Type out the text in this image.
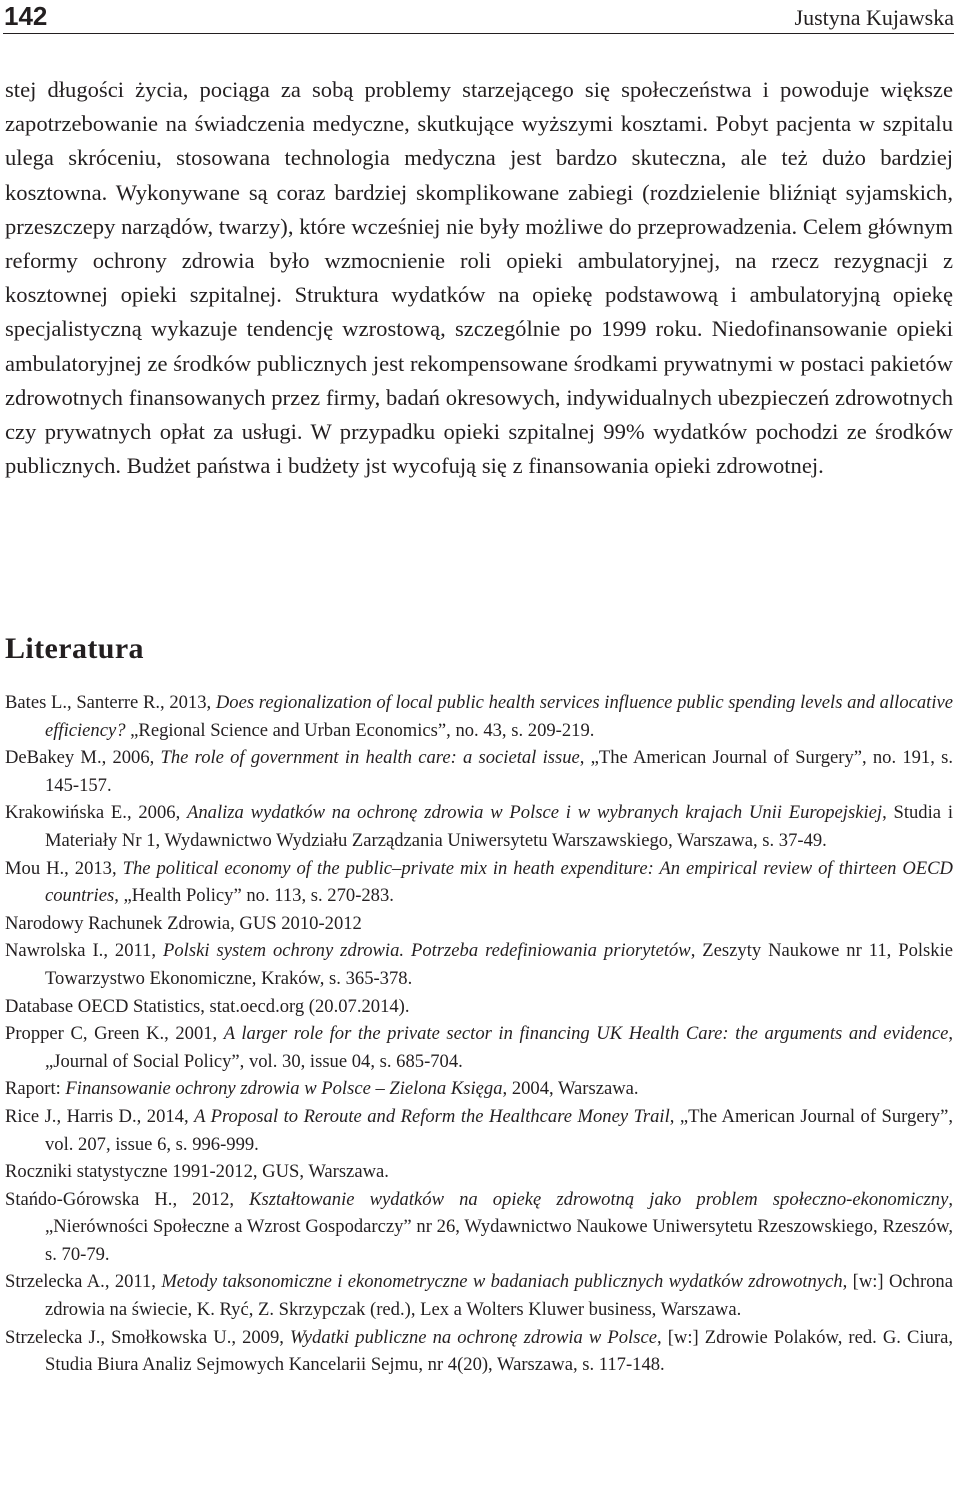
142	Justyna Kujawska

stej długości życia, pociąga za sobą problemy starzejącego się społeczeństwa i powoduje większe zapotrzebowanie na świadczenia medyczne, skutkujące wyższymi kosztami. Pobyt pacjenta w szpitalu ulega skróceniu, stosowana technologia medyczna jest bardzo skuteczna, ale też dużo bardziej kosztowna. Wykonywane są coraz bardziej skomplikowane zabiegi (rozdzielenie bliźniąt syjamskich, przeszczepy narządów, twarzy), które wcześniej nie były możliwe do przeprowadzenia. Celem głównym reformy ochrony zdrowia było wzmocnienie roli opieki ambulatoryjnej, na rzecz rezygnacji z kosztownej opieki szpitalnej. Struktura wydatków na opiekę podstawową i ambulatoryjną opiekę specjalistyczną wykazuje tendencję wzrostową, szczególnie po 1999 roku. Niedofinansowanie opieki ambulatoryjnej ze środków publicznych jest rekompensowane środkami prywatnymi w postaci pakietów zdrowotnych finansowanych przez firmy, badań okresowych, indywidualnych ubezpieczeń zdrowotnych czy prywatnych opłat za usługi. W przypadku opieki szpitalnej 99% wydatków pochodzi ze środków publicznych. Budżet państwa i budżety jst wycofują się z finansowania opieki zdrowotnej.

Literatura
Bates L., Santerre R., 2013, Does regionalization of local public health services influence public spending levels and allocative efficiency? „Regional Science and Urban Economics”, no. 43, s. 209-219.
DeBakey M., 2006, The role of government in health care: a societal issue, „The American Journal of Surgery”, no. 191, s. 145-157.
Krakowińska E., 2006, Analiza wydatków na ochronę zdrowia w Polsce i w wybranych krajach Unii Europejskiej, Studia i Materiały Nr 1, Wydawnictwo Wydziału Zarządzania Uniwersytetu Warszawskiego, Warszawa, s. 37-49.
Mou H., 2013, The political economy of the public–private mix in heath expenditure: An empirical review of thirteen OECD countries, „Health Policy” no. 113, s. 270-283.
Narodowy Rachunek Zdrowia, GUS 2010-2012
Nawrolska I., 2011, Polski system ochrony zdrowia. Potrzeba redefiniowania priorytetów, Zeszyty Naukowe nr 11, Polskie Towarzystwo Ekonomiczne, Kraków, s. 365-378.
Database OECD Statistics, stat.oecd.org (20.07.2014).
Propper C, Green K., 2001, A larger role for the private sector in financing UK Health Care: the arguments and evidence, „Journal of Social Policy”, vol. 30, issue 04, s. 685-704.
Raport: Finansowanie ochrony zdrowia w Polsce – Zielona Księga, 2004, Warszawa.
Rice J., Harris D., 2014, A Proposal to Reroute and Reform the Healthcare Money Trail, „The American Journal of Surgery”, vol. 207, issue 6, s. 996-999.
Roczniki statystyczne 1991-2012, GUS, Warszawa.
Stańdo-Górowska H., 2012, Kształtowanie wydatków na opiekę zdrowotną jako problem społeczno-ekonomiczny, „Nierówności Społeczne a Wzrost Gospodarczy” nr 26, Wydawnictwo Naukowe Uniwersytetu Rzeszowskiego, Rzeszów, s. 70-79.
Strzelecka A., 2011, Metody taksonomiczne i ekonometryczne w badaniach publicznych wydatków zdrowotnych, [w:] Ochrona zdrowia na świecie, K. Ryć, Z. Skrzypczak (red.), Lex a Wolters Kluwer business, Warszawa.
Strzelecka J., Smołkowska U., 2009, Wydatki publiczne na ochronę zdrowia w Polsce, [w:] Zdrowie Polaków, red. G. Ciura, Studia Biura Analiz Sejmowych Kancelarii Sejmu, nr 4(20), Warszawa, s. 117-148.
